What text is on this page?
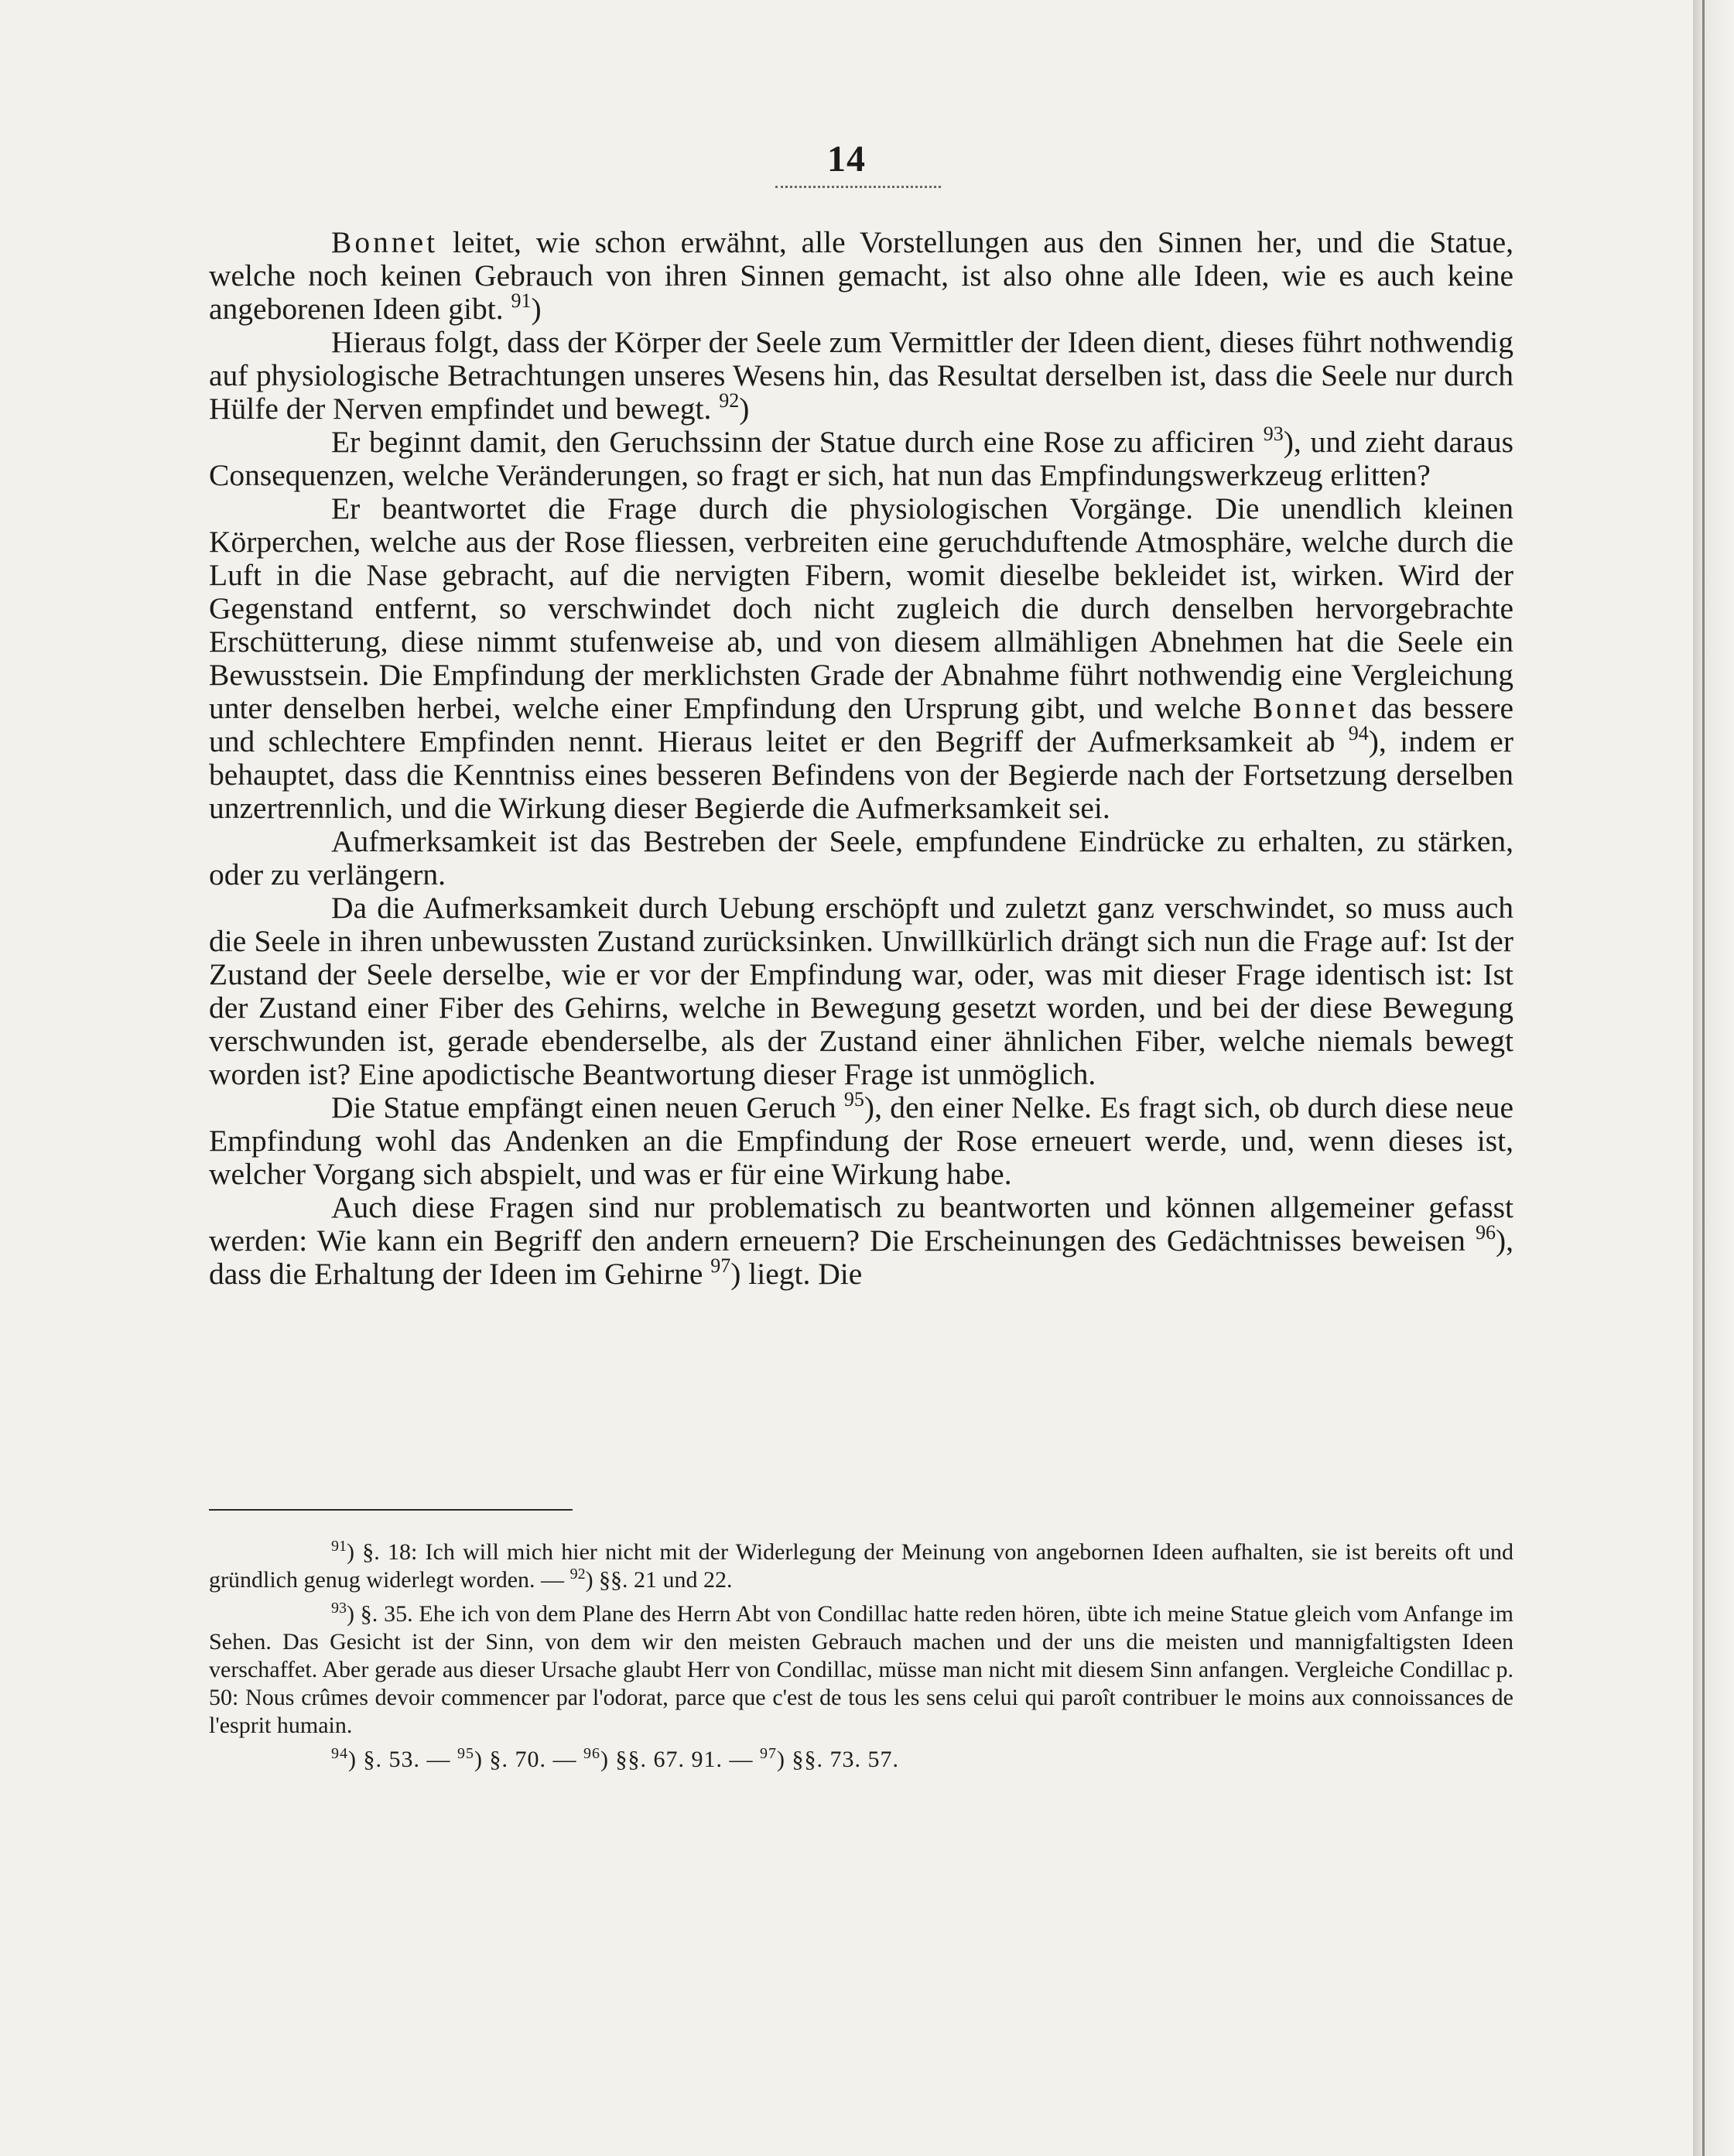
14

Bonnet leitet, wie schon erwähnt, alle Vorstellungen aus den Sinnen her, und die Statue, welche noch keinen Gebrauch von ihren Sinnen gemacht, ist also ohne alle Ideen, wie es auch keine angeborenen Ideen gibt. $^{91}$)

Hieraus folgt, dass der Körper der Seele zum Vermittler der Ideen dient, dieses führt nothwendig auf physiologische Betrachtungen unseres Wesens hin, das Resultat derselben ist, dass die Seele nur durch Hülfe der Nerven empfindet und bewegt. $^{92}$)

Er beginnt damit, den Geruchssinn der Statue durch eine Rose zu afficiren $^{93}$), und zieht daraus Consequenzen, welche Veränderungen, so fragt er sich, hat nun das Empfindungswerkzeug erlitten?

Er beantwortet die Frage durch die physiologischen Vorgänge. Die unendlich kleinen Körperchen, welche aus der Rose fliessen, verbreiten eine geruchduftende Atmosphäre, welche durch die Luft in die Nase gebracht, auf die nervigten Fibern, womit dieselbe bekleidet ist, wirken. Wird der Gegenstand entfernt, so verschwindet doch nicht zugleich die durch denselben hervorgebrachte Erschütterung, diese nimmt stufenweise ab, und von diesem allmähligen Abnehmen hat die Seele ein Bewusstsein. Die Empfindung der merklichsten Grade der Abnahme führt nothwendig eine Vergleichung unter denselben herbei, welche einer Empfindung den Ursprung gibt, und welche Bonnet das bessere und schlechtere Empfinden nennt. Hieraus leitet er den Begriff der Aufmerksamkeit ab $^{94}$), indem er behauptet, dass die Kenntniss eines besseren Befindens von der Begierde nach der Fortsetzung derselben unzertrennlich, und die Wirkung dieser Begierde die Aufmerksamkeit sei.

Aufmerksamkeit ist das Bestreben der Seele, empfundene Eindrücke zu erhalten, zu stärken, oder zu verlängern.

Da die Aufmerksamkeit durch Uebung erschöpft und zuletzt ganz verschwindet, so muss auch die Seele in ihren unbewussten Zustand zurücksinken. Unwillkürlich drängt sich nun die Frage auf: Ist der Zustand der Seele derselbe, wie er vor der Empfindung war, oder, was mit dieser Frage identisch ist: Ist der Zustand einer Fiber des Gehirns, welche in Bewegung gesetzt worden, und bei der diese Bewegung verschwunden ist, gerade ebenderselbe, als der Zustand einer ähnlichen Fiber, welche niemals bewegt worden ist? Eine apodictische Beantwortung dieser Frage ist unmöglich.

Die Statue empfängt einen neuen Geruch $^{95}$), den einer Nelke. Es fragt sich, ob durch diese neue Empfindung wohl das Andenken an die Empfindung der Rose erneuert werde, und, wenn dieses ist, welcher Vorgang sich abspielt, und was er für eine Wirkung habe.

Auch diese Fragen sind nur problematisch zu beantworten und können allgemeiner gefasst werden: Wie kann ein Begriff den andern erneuern? Die Erscheinungen des Gedächtnisses beweisen $^{96}$), dass die Erhaltung der Ideen im Gehirne $^{97}$) liegt. Die

$^{91}$) §. 18: Ich will mich hier nicht mit der Widerlegung der Meinung von angebornen Ideen aufhalten, sie ist bereits oft und gründlich genug widerlegt worden. — $^{92}$) §§. 21 und 22.

$^{93}$) §. 35. Ehe ich von dem Plane des Herrn Abt von Condillac hatte reden hören, übte ich meine Statue gleich vom Anfange im Sehen. Das Gesicht ist der Sinn, von dem wir den meisten Gebrauch machen und der uns die meisten und mannigfaltigsten Ideen verschaffet. Aber gerade aus dieser Ursache glaubt Herr von Condillac, müsse man nicht mit diesem Sinn anfangen. Vergleiche Condillac p. 50: Nous crûmes devoir commencer par l'odorat, parce que c'est de tous les sens celui qui paroît contribuer le moins aux connoissances de l'esprit humain.

$^{94}$) §. 53. — $^{95}$) §. 70. — $^{96}$) §§. 67. 91. — $^{97}$) §§. 73. 57.
